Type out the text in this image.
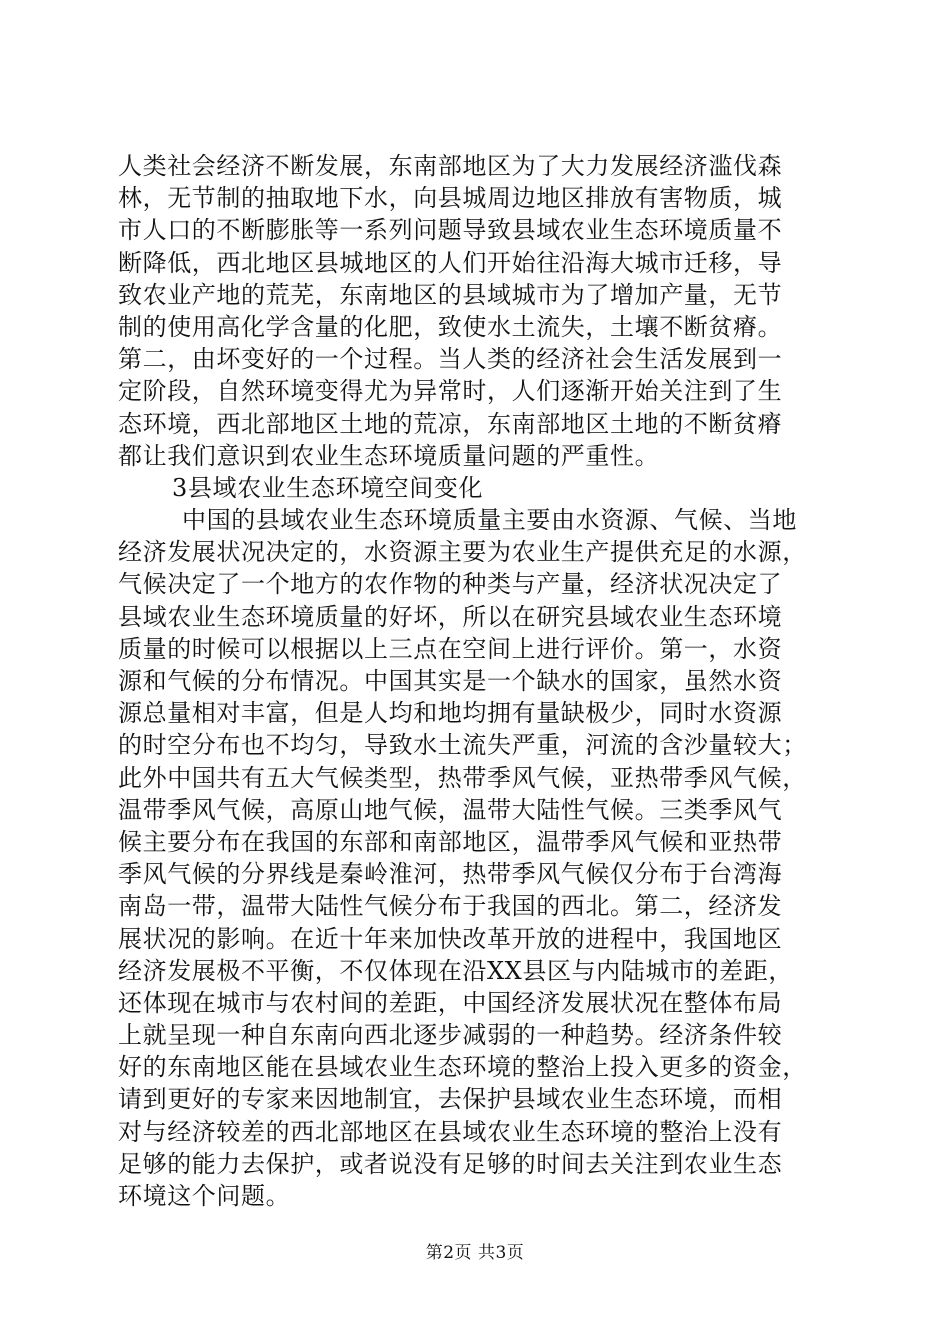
人类社会经济不断发展，东南部地区为了大力发展经济滥伐森
林，无节制的抽取地下水，向县城周边地区排放有害物质，城
市人口的不断膨胀等一系列问题导致县域农业生态环境质量不
断降低，西北地区县城地区的人们开始往沿海大城市迁移，导
致农业产地的荒芜，东南地区的县域城市为了增加产量，无节
制的使用高化学含量的化肥，致使水土流失，土壤不断贫瘠。
第二，由坏变好的一个过程。当人类的经济社会生活发展到一
定阶段，自然环境变得尤为异常时，人们逐渐开始关注到了生
态环境，西北部地区土地的荒凉，东南部地区土地的不断贫瘠
都让我们意识到农业生态环境质量问题的严重性。
3县域农业生态环境空间变化
中国的县域农业生态环境质量主要由水资源、气候、当地
经济发展状况决定的，水资源主要为农业生产提供充足的水源，
气候决定了一个地方的农作物的种类与产量，经济状况决定了
县域农业生态环境质量的好坏，所以在研究县域农业生态环境
质量的时候可以根据以上三点在空间上进行评价。第一，水资
源和气候的分布情况。中国其实是一个缺水的国家，虽然水资
源总量相对丰富，但是人均和地均拥有量缺极少，同时水资源
的时空分布也不均匀，导致水土流失严重，河流的含沙量较大；
此外中国共有五大气候类型，热带季风气候，亚热带季风气候，
温带季风气候，高原山地气候，温带大陆性气候。三类季风气
候主要分布在我国的东部和南部地区，温带季风气候和亚热带
季风气候的分界线是秦岭淮河，热带季风气候仅分布于台湾海
南岛一带，温带大陆性气候分布于我国的西北。第二，经济发
展状况的影响。在近十年来加快改革开放的进程中，我国地区
经济发展极不平衡，不仅体现在沿XX县区与内陆城市的差距，
还体现在城市与农村间的差距，中国经济发展状况在整体布局
上就呈现一种自东南向西北逐步减弱的一种趋势。经济条件较
好的东南地区能在县域农业生态环境的整治上投入更多的资金，
请到更好的专家来因地制宜，去保护县域农业生态环境，而相
对与经济较差的西北部地区在县域农业生态环境的整治上没有
足够的能力去保护，或者说没有足够的时间去关注到农业生态
环境这个问题。
第2页 共3页
